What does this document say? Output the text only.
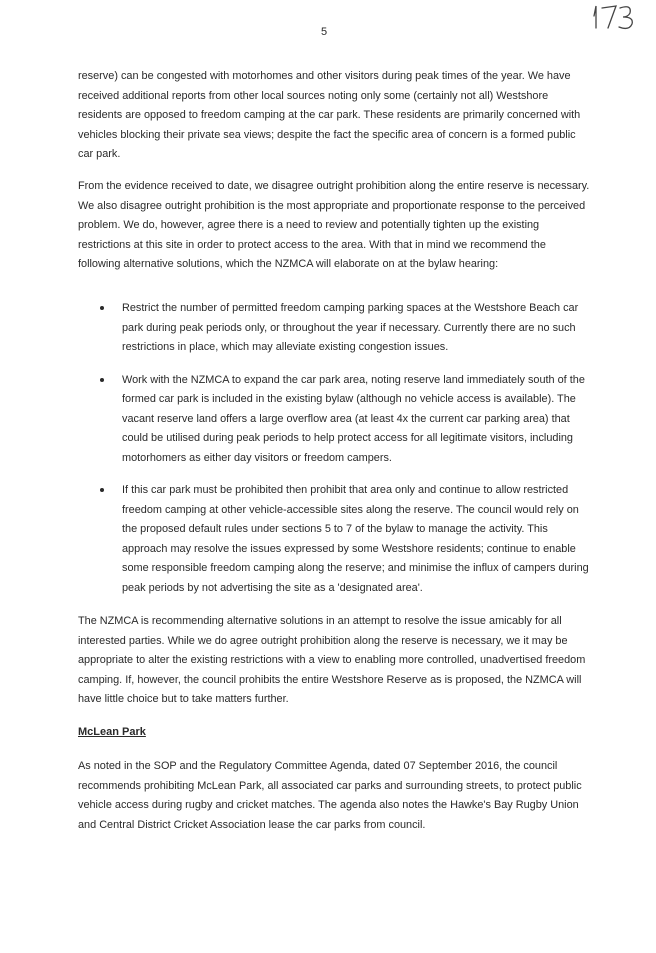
5

reserve) can be congested with motorhomes and other visitors during peak times of the year. We have received additional reports from other local sources noting only some (certainly not all) Westshore residents are opposed to freedom camping at the car park. These residents are primarily concerned with vehicles blocking their private sea views; despite the fact the specific area of concern is a formed public car park.

From the evidence received to date, we disagree outright prohibition along the entire reserve is necessary. We also disagree outright prohibition is the most appropriate and proportionate response to the perceived problem. We do, however, agree there is a need to review and potentially tighten up the existing restrictions at this site in order to protect access to the area. With that in mind we recommend the following alternative solutions, which the NZMCA will elaborate on at the bylaw hearing:

Restrict the number of permitted freedom camping parking spaces at the Westshore Beach car park during peak periods only, or throughout the year if necessary. Currently there are no such restrictions in place, which may alleviate existing congestion issues.
Work with the NZMCA to expand the car park area, noting reserve land immediately south of the formed car park is included in the existing bylaw (although no vehicle access is available). The vacant reserve land offers a large overflow area (at least 4x the current car parking area) that could be utilised during peak periods to help protect access for all legitimate visitors, including motorhomers as either day visitors or freedom campers.
If this car park must be prohibited then prohibit that area only and continue to allow restricted freedom camping at other vehicle-accessible sites along the reserve. The council would rely on the proposed default rules under sections 5 to 7 of the bylaw to manage the activity. This approach may resolve the issues expressed by some Westshore residents; continue to enable some responsible freedom camping along the reserve; and minimise the influx of campers during peak periods by not advertising the site as a 'designated area'.

The NZMCA is recommending alternative solutions in an attempt to resolve the issue amicably for all interested parties. While we do agree outright prohibition along the reserve is necessary, we it may be appropriate to alter the existing restrictions with a view to enabling more controlled, unadvertised freedom camping. If, however, the council prohibits the entire Westshore Reserve as is proposed, the NZMCA will have little choice but to take matters further.

McLean Park

As noted in the SOP and the Regulatory Committee Agenda, dated 07 September 2016, the council recommends prohibiting McLean Park, all associated car parks and surrounding streets, to protect public vehicle access during rugby and cricket matches. The agenda also notes the Hawke's Bay Rugby Union and Central District Cricket Association lease the car parks from council.
